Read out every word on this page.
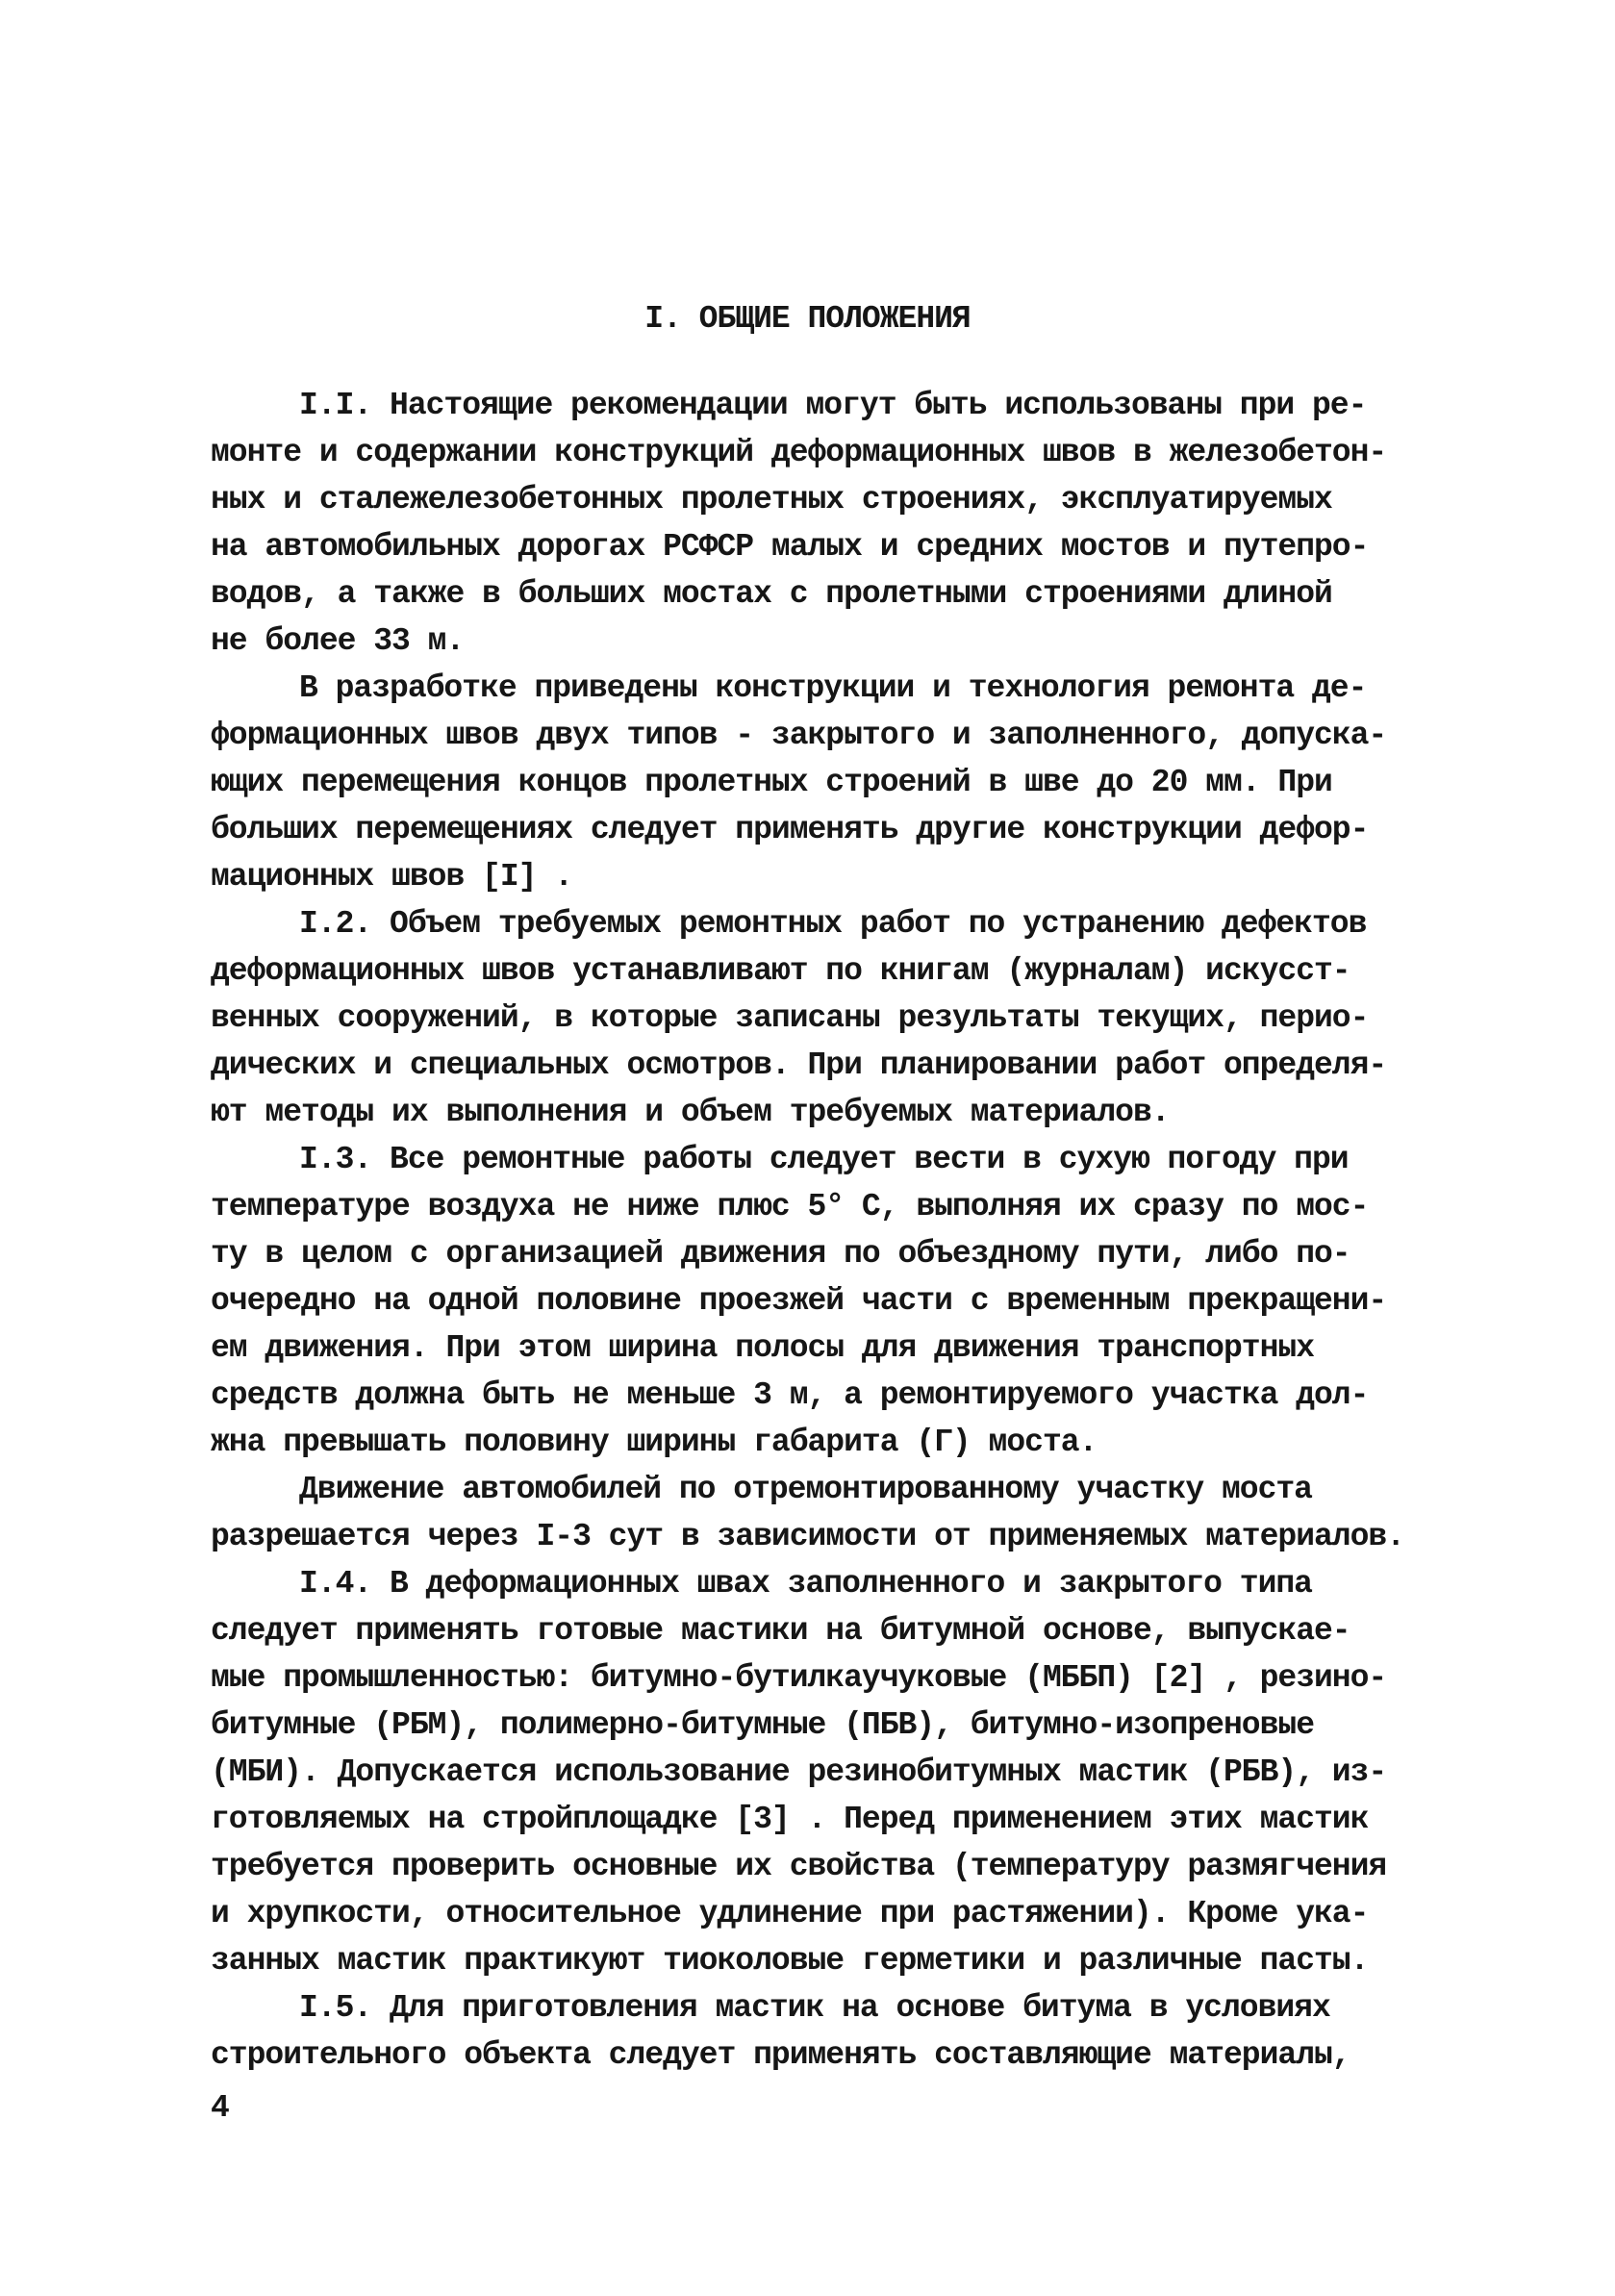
I. ОБЩИЕ ПОЛОЖЕНИЯ
I.I. Настоящие рекомендации могут быть использованы при ре-
монте и содержании конструкций деформационных швов в железобетон-
ных и сталежелезобетонных пролетных строениях, эксплуатируемых
на автомобильных дорогах РСФСР малых и средних мостов и путепро-
водов, а также в больших мостах с пролетными строениями длиной
не более 33 м.
В разработке приведены конструкции и технология ремонта де-
формационных швов двух типов - закрытого и заполненного, допуска-
ющих перемещения концов пролетных строений в шве до 20 мм. При
больших перемещениях следует применять другие конструкции дефор-
мационных швов [I] .
I.2. Объем требуемых ремонтных работ по устранению дефектов
деформационных швов устанавливают по книгам (журналам) искусст-
венных сооружений, в которые записаны результаты текущих, перио-
дических и специальных осмотров. При планировании работ определя-
ют методы их выполнения и объем требуемых материалов.
I.3. Все ремонтные работы следует вести в сухую погоду при
температуре воздуха не ниже плюс 5° С, выполняя их сразу по мос-
ту в целом с организацией движения по объездному пути, либо по-
очередно на одной половине проезжей части с временным прекращени-
ем движения. При этом ширина полосы для движения транспортных
средств должна быть не меньше 3 м, а ремонтируемого участка дол-
жна превышать половину ширины габарита (Г) моста.
Движение автомобилей по отремонтированному участку моста
разрешается через I-3 сут в зависимости от применяемых материалов.
I.4. В деформационных швах заполненного и закрытого типа
следует применять готовые мастики на битумной основе, выпускае-
мые промышленностью: битумно-бутилкаучуковые (МББП) [2] , резино-
битумные (РБМ), полимерно-битумные (ПБВ), битумно-изопреновые
(МБИ). Допускается использование резинобитумных мастик (РБВ), из-
готовляемых на стройплощадке [3] . Перед применением этих мастик
требуется проверить основные их свойства (температуру размягчения
и хрупкости, относительное удлинение при растяжении). Кроме ука-
занных мастик практикуют тиоколовые герметики и различные пасты.
I.5. Для приготовления мастик на основе битума в условиях
строительного объекта следует применять составляющие материалы,
4
